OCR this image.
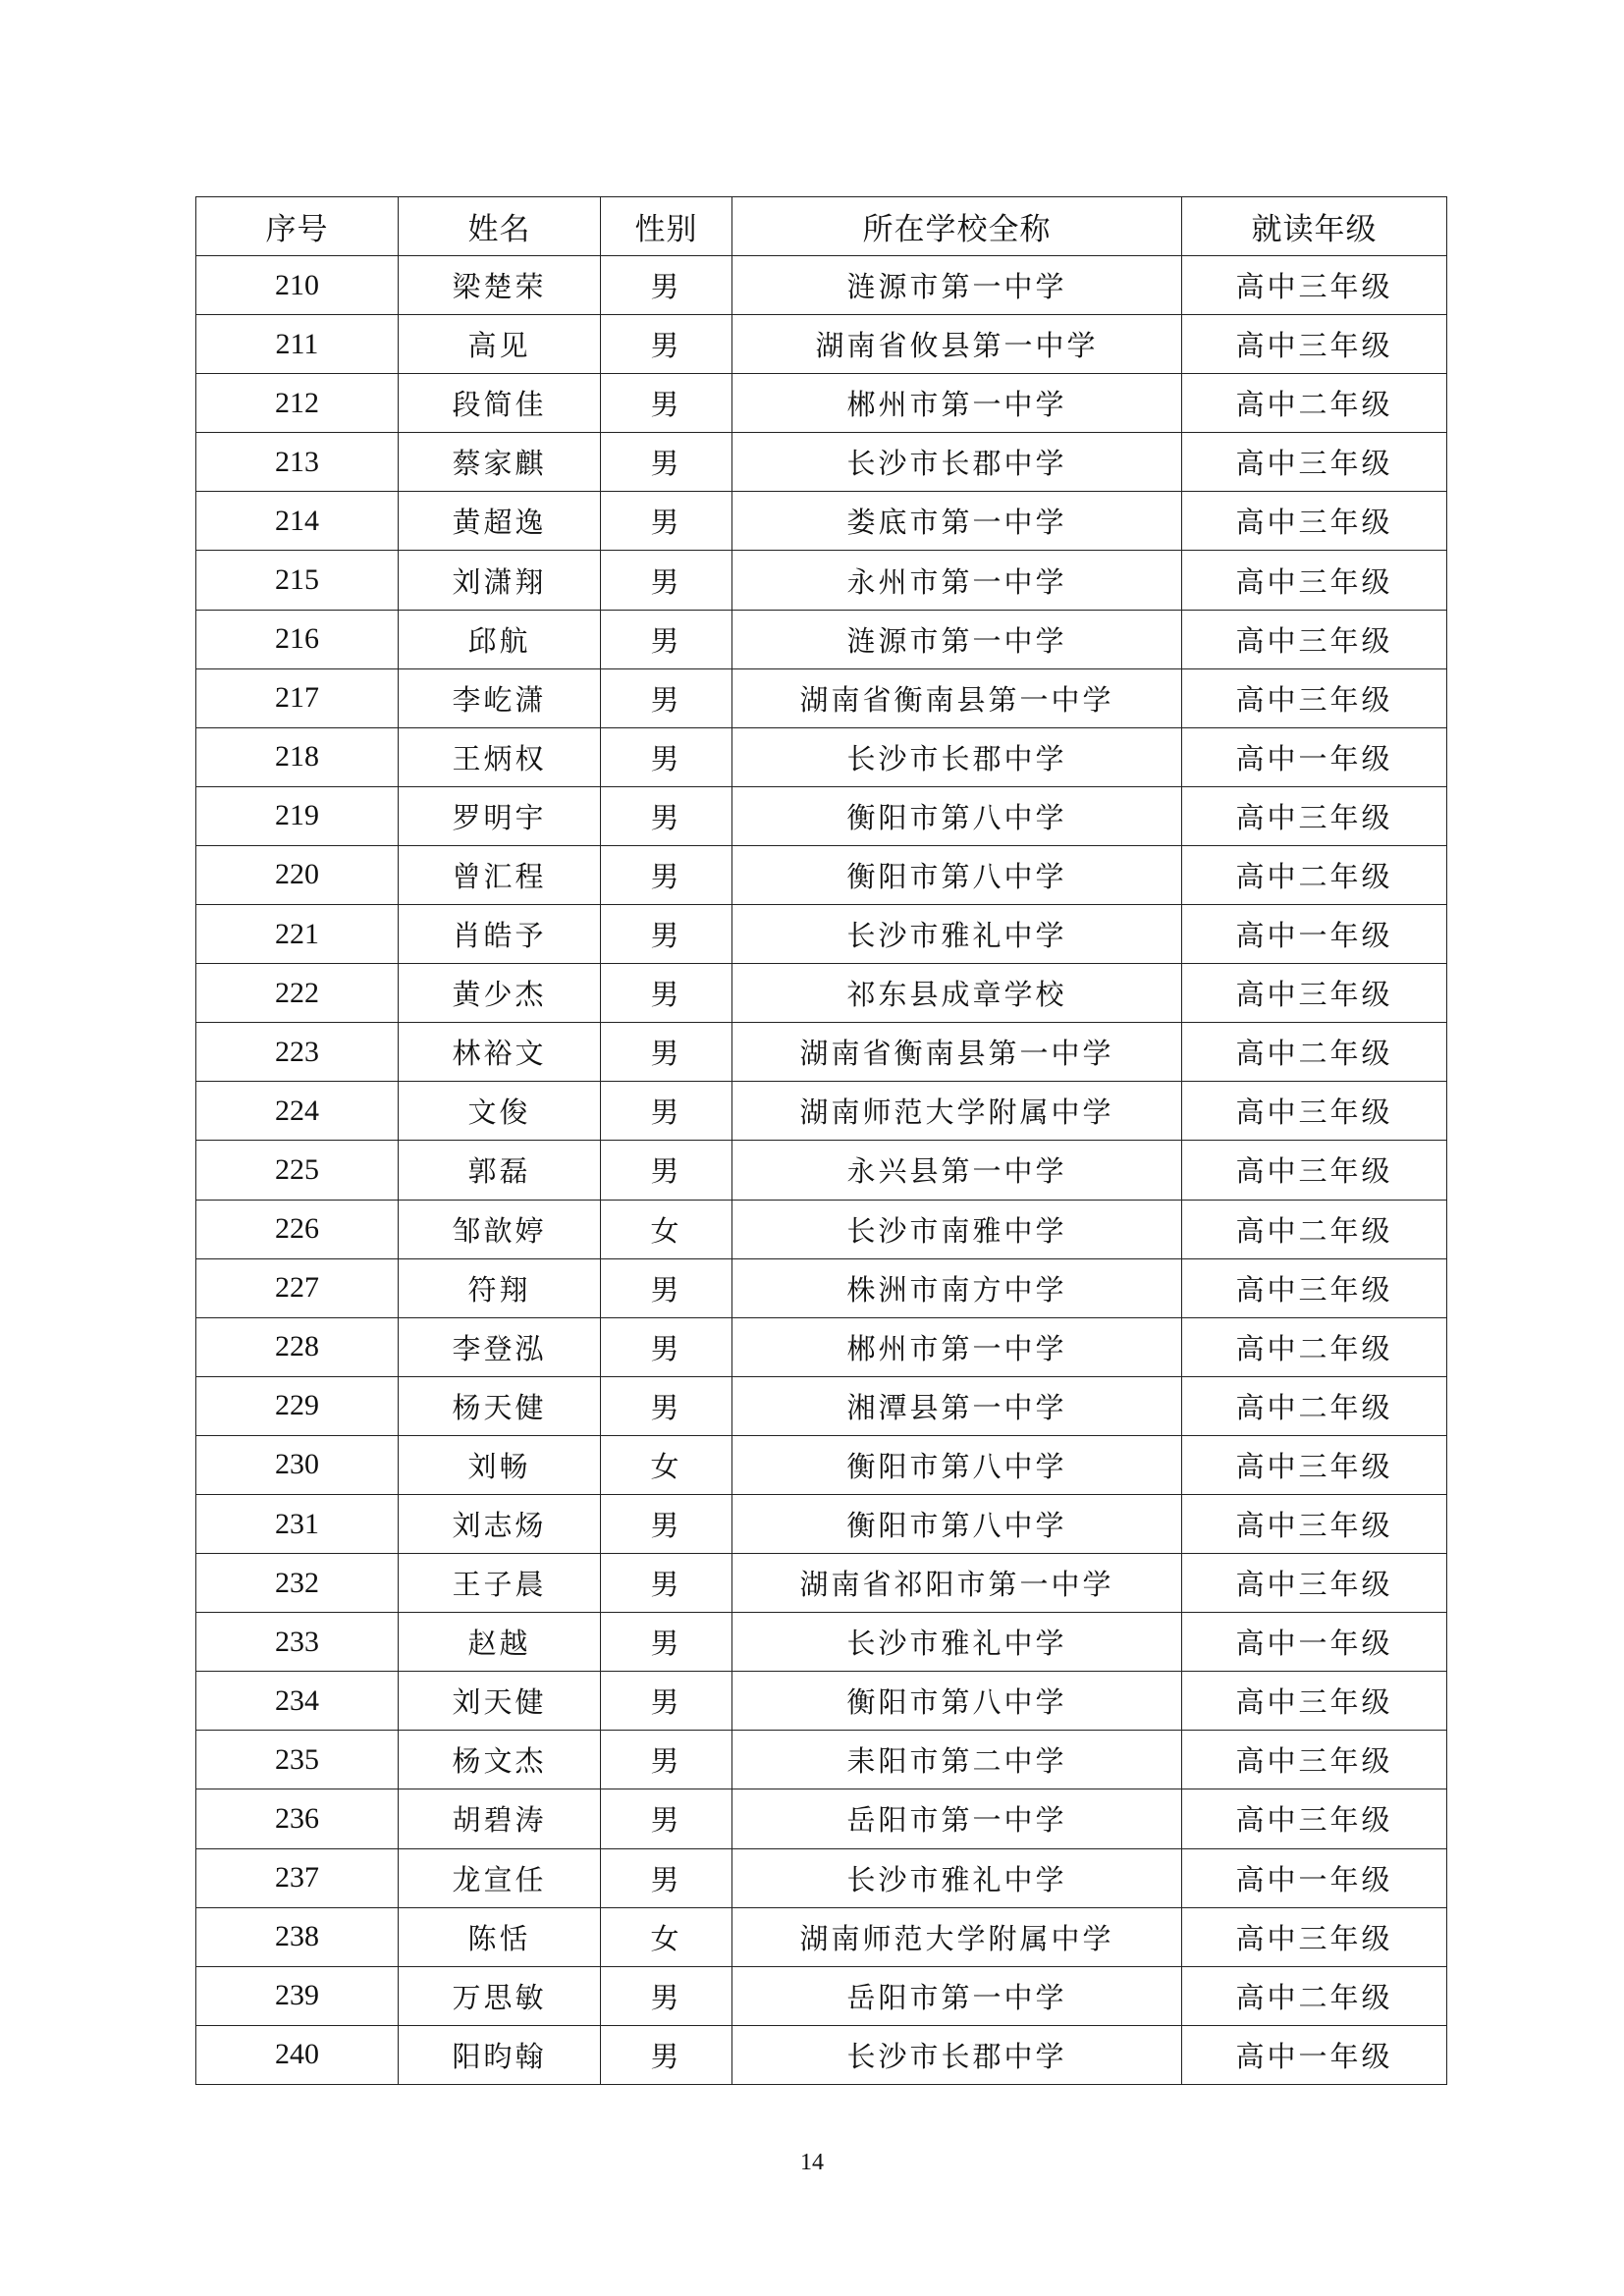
序号	姓名	性别	所在学校全称	就读年级
210	梁楚荣	男	涟源市第一中学	高中三年级
211	高见	男	湖南省攸县第一中学	高中三年级
212	段简佳	男	郴州市第一中学	高中二年级
213	蔡家麒	男	长沙市长郡中学	高中三年级
214	黄超逸	男	娄底市第一中学	高中三年级
215	刘潇翔	男	永州市第一中学	高中三年级
216	邱航	男	涟源市第一中学	高中三年级
217	李屹潇	男	湖南省衡南县第一中学	高中三年级
218	王炳权	男	长沙市长郡中学	高中一年级
219	罗明宇	男	衡阳市第八中学	高中三年级
220	曾汇程	男	衡阳市第八中学	高中二年级
221	肖皓予	男	长沙市雅礼中学	高中一年级
222	黄少杰	男	祁东县成章学校	高中三年级
223	林裕文	男	湖南省衡南县第一中学	高中二年级
224	文俊	男	湖南师范大学附属中学	高中三年级
225	郭磊	男	永兴县第一中学	高中三年级
226	邹歆婷	女	长沙市南雅中学	高中二年级
227	符翔	男	株洲市南方中学	高中三年级
228	李登泓	男	郴州市第一中学	高中二年级
229	杨天健	男	湘潭县第一中学	高中二年级
230	刘畅	女	衡阳市第八中学	高中三年级
231	刘志炀	男	衡阳市第八中学	高中三年级
232	王子晨	男	湖南省祁阳市第一中学	高中三年级
233	赵越	男	长沙市雅礼中学	高中一年级
234	刘天健	男	衡阳市第八中学	高中三年级
235	杨文杰	男	耒阳市第二中学	高中三年级
236	胡碧涛	男	岳阳市第一中学	高中三年级
237	龙宣任	男	长沙市雅礼中学	高中一年级
238	陈恬	女	湖南师范大学附属中学	高中三年级
239	万思敏	男	岳阳市第一中学	高中二年级
240	阳昀翰	男	长沙市长郡中学	高中一年级
14
